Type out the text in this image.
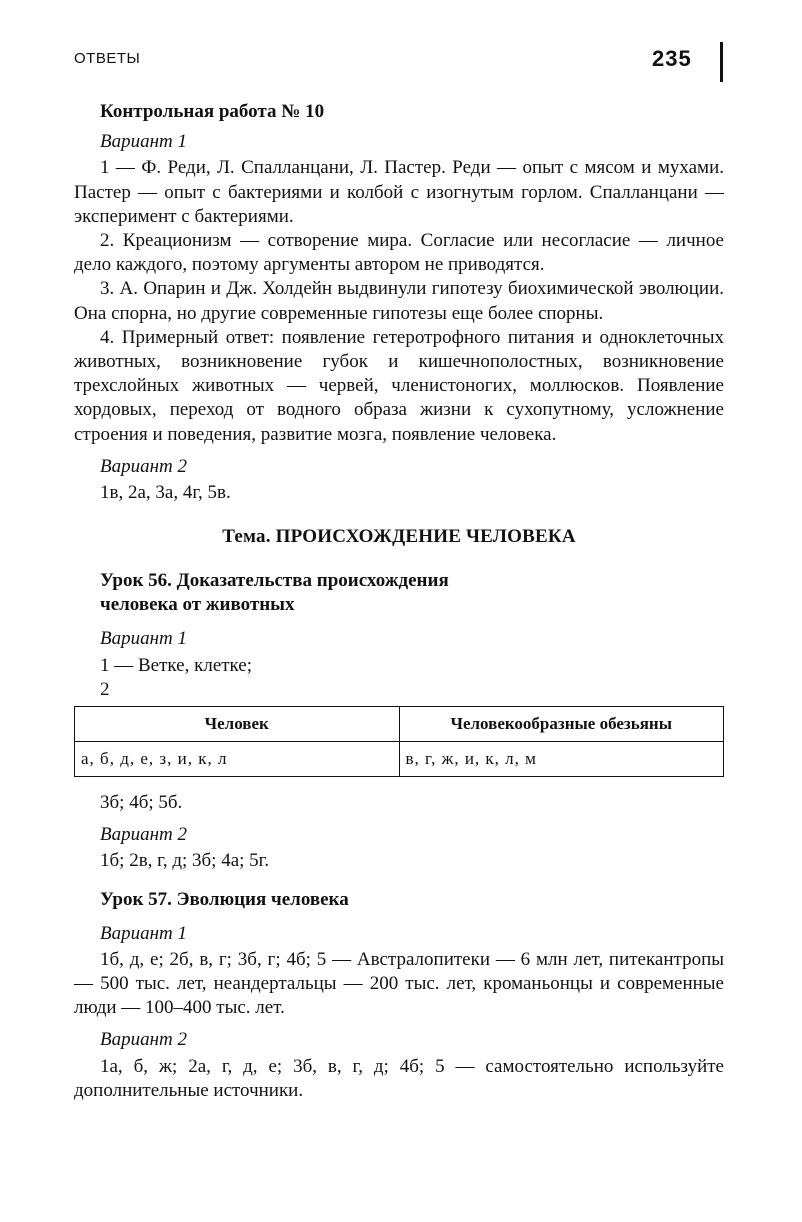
ОТВЕТЫ	235
Контрольная работа № 10
Вариант 1

1 — Ф. Реди, Л. Спалланцани, Л. Пастер. Реди — опыт с мясом и мухами. Пастер — опыт с бактериями и колбой с изогнутым горлом. Спалланцани — эксперимент с бактериями.

2. Креационизм — сотворение мира. Согласие или несогласие — личное дело каждого, поэтому аргументы автором не приводятся.

3. А. Опарин и Дж. Холдейн выдвинули гипотезу биохимической эволюции. Она спорна, но другие современные гипотезы еще более спорны.

4. Примерный ответ: появление гетеротрофного питания и одноклеточных животных, возникновение губок и кишечнополостных, возникновение трехслойных животных — червей, членистоногих, моллюсков. Появление хордовых, переход от водного образа жизни к сухопутному, усложнение строения и поведения, развитие мозга, появление человека.

Вариант 2

1в, 2а, 3а, 4г, 5в.

Тема. ПРОИСХОЖДЕНИЕ ЧЕЛОВЕКА
Урок 56. Доказательства происхождения
человека от животных
Вариант 1

1 — Ветке, клетке;

2

Человек	Человекообразные обезьяны
а, б, д, е, з, и, к, л	в, г, ж, и, к, л, м

3б; 4б; 5б.

Вариант 2

1б; 2в, г, д; 3б; 4а; 5г.

Урок 57. Эволюция человека
Вариант 1

1б, д, е; 2б, в, г; 3б, г; 4б; 5 — Австралопитеки — 6 млн лет, питекантропы — 500 тыс. лет, неандертальцы — 200 тыс. лет, кроманьонцы и современные люди — 100–400 тыс. лет.

Вариант 2

1а, б, ж; 2а, г, д, е; 3б, в, г, д; 4б; 5 — самостоятельно используйте дополнительные источники.
